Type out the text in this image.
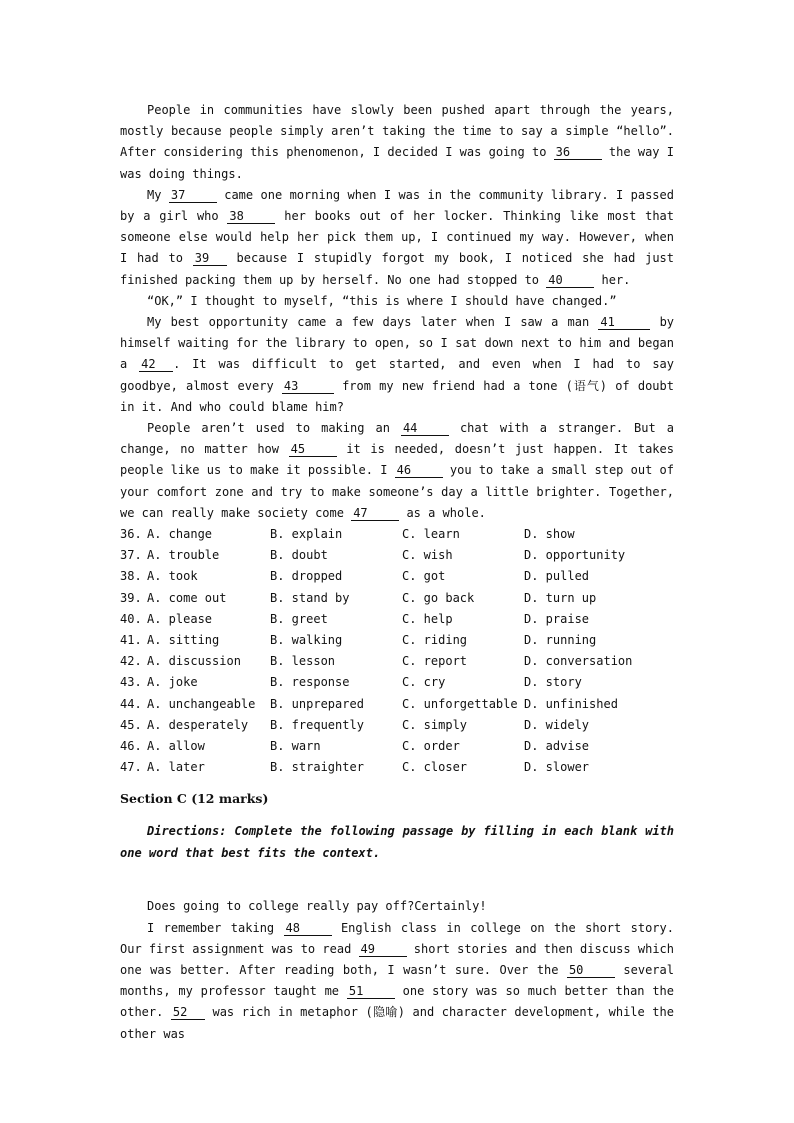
People in communities have slowly been pushed apart through the years, mostly because people simply aren’t taking the time to say a simple “hello”. After considering this phenomenon, I decided I was going to 36	the way I was doing things.

My 37	came one morning when I was in the community library. I passed by a girl who 38	her books out of her locker. Thinking like most that someone else would help her pick them up, I continued my way. However, when I had to 39 because I stupidly forgot my book, I noticed she had just finished packing them up by herself. No one had stopped to 40	her.

“OK,” I thought to myself, “this is where I should have changed.”

My best opportunity came a few days later when I saw a man 41	by himself waiting for the library to open, so I sat down next to him and began a 42 . It was difficult to get started, and even when I had to say goodbye, almost every 43	from my new friend had a tone (语气) of doubt in it. And who could blame him?

People aren’t used to making an 44	chat with a stranger. But a change, no matter how 45	it is needed, doesn’t just happen. It takes people like us to make it possible. I 46	you to take a small step out of your comfort zone and try to make someone’s day a little brighter. Together, we can really make society come 47	as a whole.

36. A. change	B. explain	C. learn	D. show
37. A. trouble	B. doubt	C. wish	D. opportunity
38. A. took	B. dropped	C. got	D. pulled
39. A. come out	B. stand by	C. go back	D. turn up
40. A. please	B. greet	C. help	D. praise
41. A. sitting	B. walking	C. riding	D. running
42. A. discussion	B. lesson	C. report	D. conversation
43. A. joke	B. response	C. cry	D. story
44. A. unchangeable	B. unprepared	C. unforgettable D. unfinished
45. A. desperately	B. frequently	C. simply	D. widely
46. A. allow	B. warn	C. order	D. advise
47. A. later	B. straighter	C. closer	D. slower
Section C (12 marks)

Directions: Complete the following passage by filling in each blank with one word that best fits the context.

Does going to college really pay off?Certainly!

I remember taking 48	English class in college on the short story. Our first assignment was to read 49	short stories and then discuss which one was better. After reading both, I wasn’t sure. Over the 50	several months, my professor taught me 51	one story was so much better than the other. 52 was rich in metaphor (隐喻) and character development, while the other was
